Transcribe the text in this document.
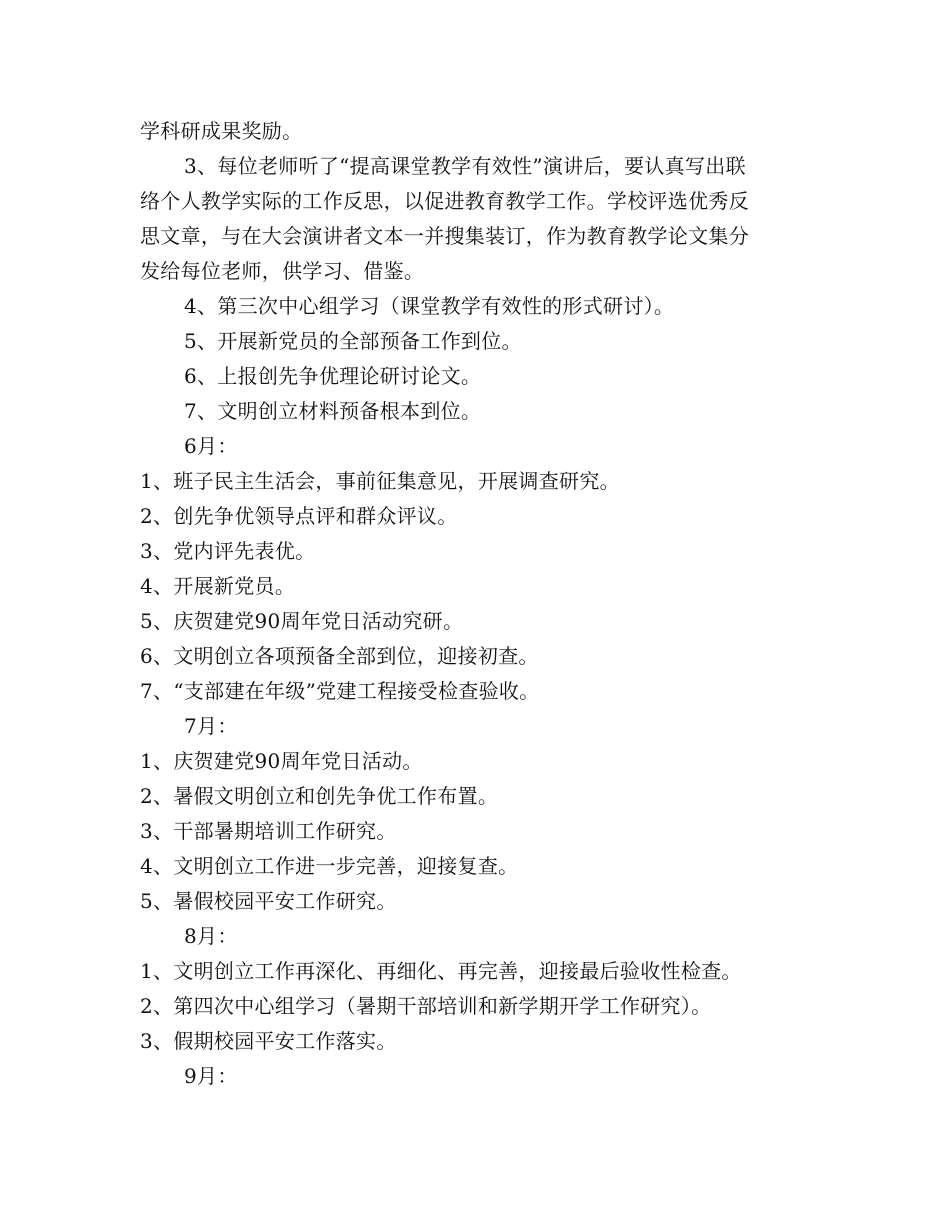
学科研成果奖励。
3、每位老师听了“提高课堂教学有效性”演讲后，要认真写出联
络个人教学实际的工作反思，以促进教育教学工作。学校评选优秀反
思文章，与在大会演讲者文本一并搜集装订，作为教育教学论文集分
发给每位老师，供学习、借鉴。
4、第三次中心组学习（课堂教学有效性的形式研讨）。
5、开展新党员的全部预备工作到位。
6、上报创先争优理论研讨论文。
7、文明创立材料预备根本到位。
6月：
1、班子民主生活会，事前征集意见，开展调查研究。
2、创先争优领导点评和群众评议。
3、党内评先表优。
4、开展新党员。
5、庆贺建党90周年党日活动究研。
6、文明创立各项预备全部到位，迎接初查。
7、“支部建在年级”党建工程接受检查验收。
7月：
1、庆贺建党90周年党日活动。
2、暑假文明创立和创先争优工作布置。
3、干部暑期培训工作研究。
4、文明创立工作进一步完善，迎接复查。
5、暑假校园平安工作研究。
8月：
1、文明创立工作再深化、再细化、再完善，迎接最后验收性检查。
2、第四次中心组学习（暑期干部培训和新学期开学工作研究）。
3、假期校园平安工作落实。
9月：
